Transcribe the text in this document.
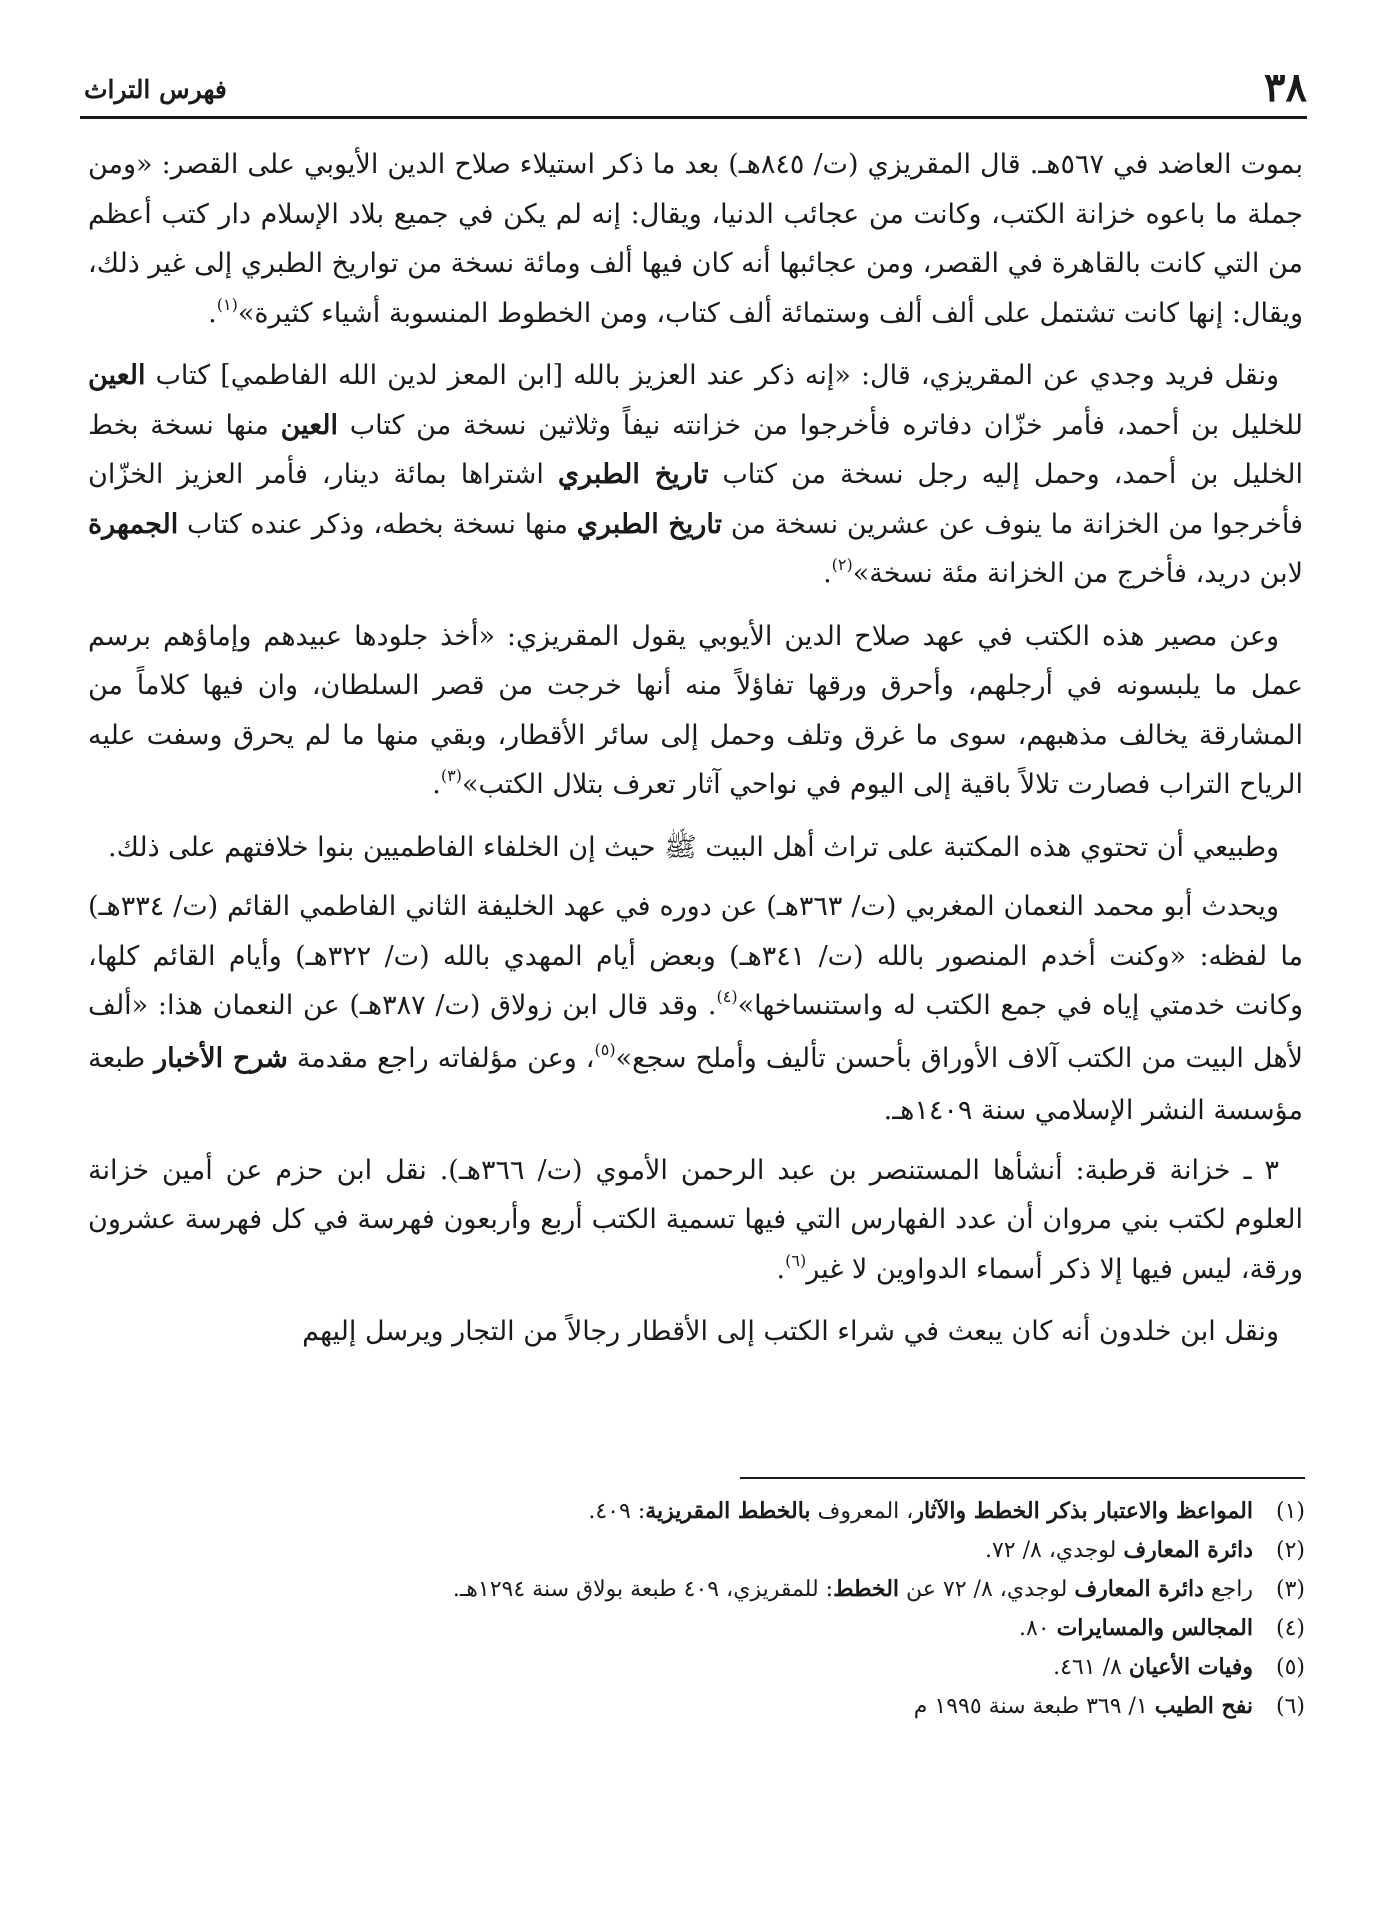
٣٨
فهرس التراث

بموت العاضد في ٥٦٧هـ. قال المقريزي (ت/ ٨٤٥هـ) بعد ما ذكر استيلاء صلاح الدين الأيوبي على القصر: «ومن جملة ما باعوه خزانة الكتب، وكانت من عجائب الدنيا، ويقال: إنه لم يكن في جميع بلاد الإسلام دار كتب أعظم من التي كانت بالقاهرة في القصر، ومن عجائبها أنه كان فيها ألف ومائة نسخة من تواريخ الطبري إلى غير ذلك، ويقال: إنها كانت تشتمل على ألف ألف وستمائة ألف كتاب، ومن الخطوط المنسوبة أشياء كثيرة»$^{(١)}$.

ونقل فريد وجدي عن المقريزي، قال: «إنه ذكر عند العزيز بالله [ابن المعز لدين الله الفاطمي] كتاب العين للخليل بن أحمد، فأمر خزّان دفاتره فأخرجوا من خزانته نيفاً وثلاثين نسخة من كتاب العين منها نسخة بخط الخليل بن أحمد، وحمل إليه رجل نسخة من كتاب تاريخ الطبري اشتراها بمائة دينار، فأمر العزيز الخزّان فأخرجوا من الخزانة ما ينوف عن عشرين نسخة من تاريخ الطبري منها نسخة بخطه، وذكر عنده كتاب الجمهرة لابن دريد، فأخرج من الخزانة مئة نسخة»$^{(٢)}$.

وعن مصير هذه الكتب في عهد صلاح الدين الأيوبي يقول المقريزي: «أخذ جلودها عبيدهم وإماؤهم برسم عمل ما يلبسونه في أرجلهم، وأحرق ورقها تفاؤلاً منه أنها خرجت من قصر السلطان، وان فيها كلاماً من المشارقة يخالف مذهبهم، سوى ما غرق وتلف وحمل إلى سائر الأقطار، وبقي منها ما لم يحرق وسفت عليه الرياح التراب فصارت تلالاً باقية إلى اليوم في نواحي آثار تعرف بتلال الكتب»$^{(٣)}$.

وطبيعي أن تحتوي هذه المكتبة على تراث أهل البيت ﷺ حيث إن الخلفاء الفاطميين بنوا خلافتهم على ذلك.

ويحدث أبو محمد النعمان المغربي (ت/ ٣٦٣هـ) عن دوره في عهد الخليفة الثاني الفاطمي القائم (ت/ ٣٣٤هـ) ما لفظه: «وكنت أخدم المنصور بالله (ت/ ٣٤١هـ) وبعض أيام المهدي بالله (ت/ ٣٢٢هـ) وأيام القائم كلها، وكانت خدمتي إياه في جمع الكتب له واستنساخها»$^{(٤)}$. وقد قال ابن زولاق (ت/ ٣٨٧هـ) عن النعمان هذا: «ألف لأهل البيت من الكتب آلاف الأوراق بأحسن تأليف وأملح سجع»$^{(٥)}$، وعن مؤلفاته راجع مقدمة شرح الأخبار طبعة مؤسسة النشر الإسلامي سنة ١٤٠٩هـ.

٣ ـ خزانة قرطبة: أنشأها المستنصر بن عبد الرحمن الأموي (ت/ ٣٦٦هـ). نقل ابن حزم عن أمين خزانة العلوم لكتب بني مروان أن عدد الفهارس التي فيها تسمية الكتب أربع وأربعون فهرسة في كل فهرسة عشرون ورقة، ليس فيها إلا ذكر أسماء الدواوين لا غير$^{(٦)}$.

ونقل ابن خلدون أنه كان يبعث في شراء الكتب إلى الأقطار رجالاً من التجار ويرسل إليهم

(١)المواعظ والاعتبار بذكر الخطط والآثار، المعروف بالخطط المقريزية: ٤٠٩.
(٢)دائرة المعارف لوجدي، ٨/ ٧٢.
(٣)راجع دائرة المعارف لوجدي، ٨/ ٧٢ عن الخطط: للمقريزي، ٤٠٩ طبعة بولاق سنة ١٢٩٤هـ.
(٤)المجالس والمسايرات ٨٠.
(٥)وفيات الأعيان ٨/ ٤٦١.
(٦)نفح الطيب ١/ ٣٦٩ طبعة سنة ١٩٩٥ م
